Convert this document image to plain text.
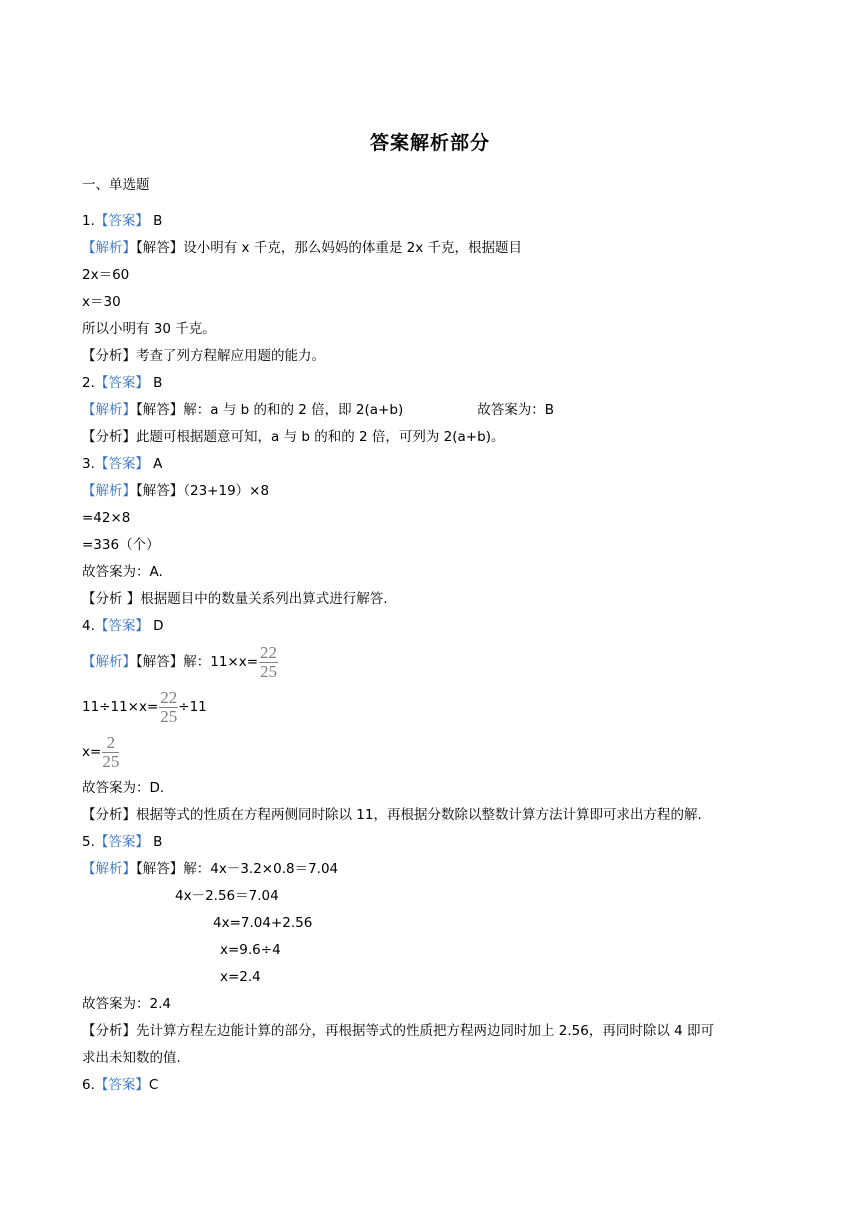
答案解析部分
一、单选题
1.【答案】 B
【解析】【解答】设小明有 x 千克，那么妈妈的体重是 2x 千克，根据题目
2x＝60
x＝30
所以小明有 30 千克。
【分析】考查了列方程解应用题的能力。
2.【答案】 B
【解析】【解答】解：a 与 b 的和的 2 倍，即 2(a+b)	故答案为：B
【分析】此题可根据题意可知，a 与 b 的和的 2 倍，可列为 2(a+b)。
3.【答案】 A
【解析】【解答】（23+19）×8
=42×8
=336（个）
故答案为：A.
【分析 】根据题目中的数量关系列出算式进行解答.
4.【答案】 D
【解析】【解答】解：$11\times x= \frac{22}{25}$
$11\div 11\times x= \frac{22}{25} \div 11$
$x= \frac{2}{25}$
故答案为：D.
【分析】根据等式的性质在方程两侧同时除以 11，再根据分数除以整数计算方法计算即可求出方程的解.
5.【答案】 B
【解析】【解答】解：4x－3.2×0.8＝7.04
4x－2.56＝7.04
4x=7.04+2.56
x=9.6÷4
x=2.4
故答案为：2.4
【分析】先计算方程左边能计算的部分，再根据等式的性质把方程两边同时加上 2.56，再同时除以 4 即可
求出未知数的值.
6.【答案】C
